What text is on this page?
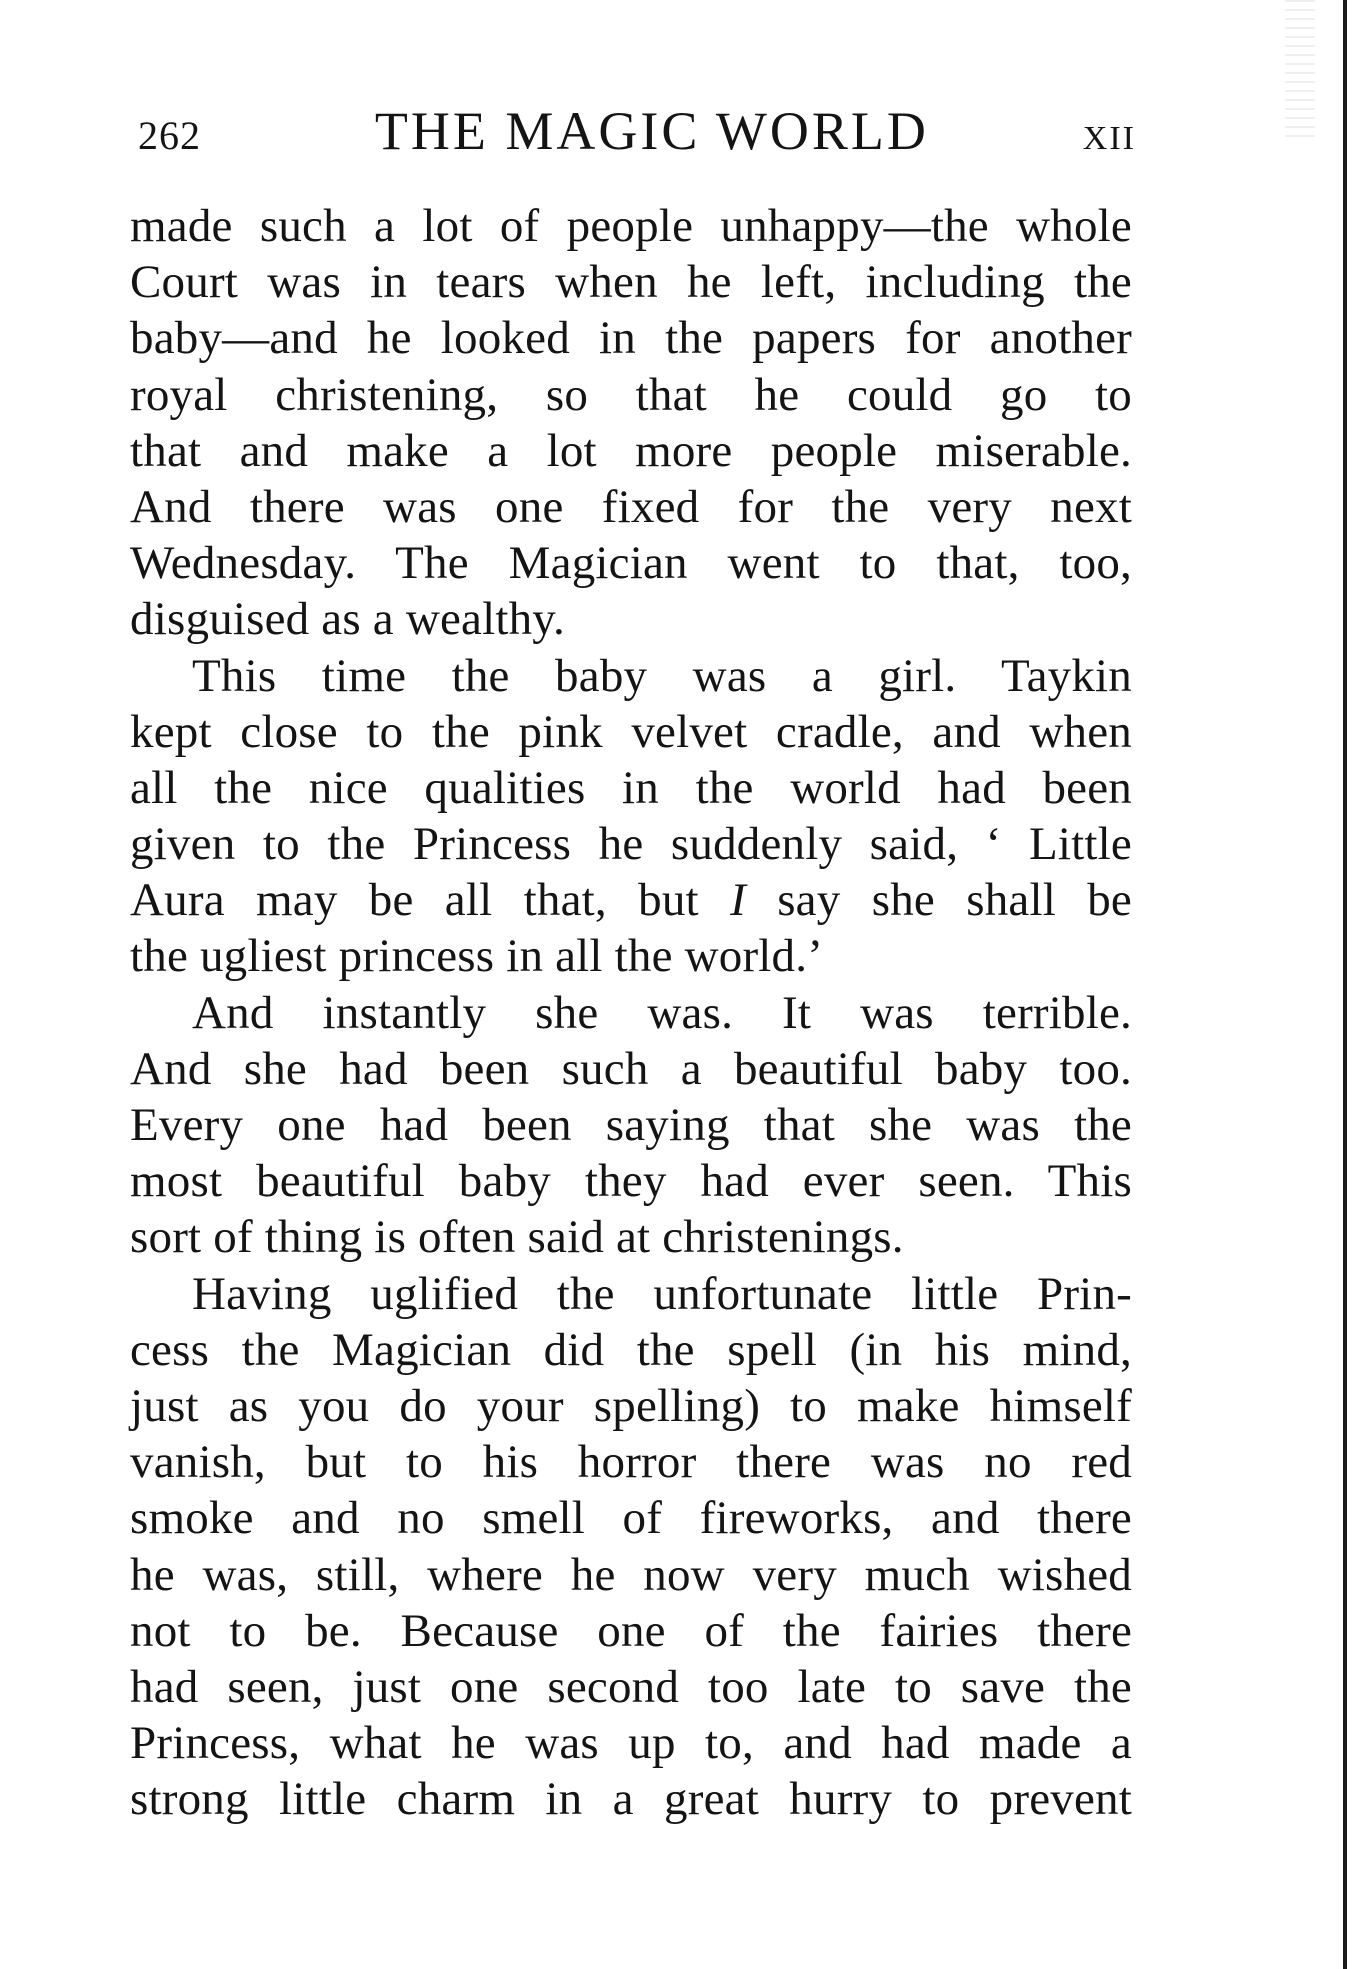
262	THE MAGIC WORLD	XII
made such a lot of people unhappy—the whole
Court was in tears when he left, including the
baby—and he looked in the papers for another
royal christening, so that he could go to
that and make a lot more people miserable.
And there was one fixed for the very next
Wednesday. The Magician went to that, too,
disguised as a wealthy.
This time the baby was a girl. Taykin
kept close to the pink velvet cradle, and when
all the nice qualities in the world had been
given to the Princess he suddenly said, ‘ Little
Aura may be all that, but I say she shall be
the ugliest princess in all the world.’
And instantly she was. It was terrible.
And she had been such a beautiful baby too.
Every one had been saying that she was the
most beautiful baby they had ever seen. This
sort of thing is often said at christenings.
Having uglified the unfortunate little Prin-
cess the Magician did the spell (in his mind,
just as you do your spelling) to make himself
vanish, but to his horror there was no red
smoke and no smell of fireworks, and there
he was, still, where he now very much wished
not to be. Because one of the fairies there
had seen, just one second too late to save the
Princess, what he was up to, and had made a
strong little charm in a great hurry to prevent
